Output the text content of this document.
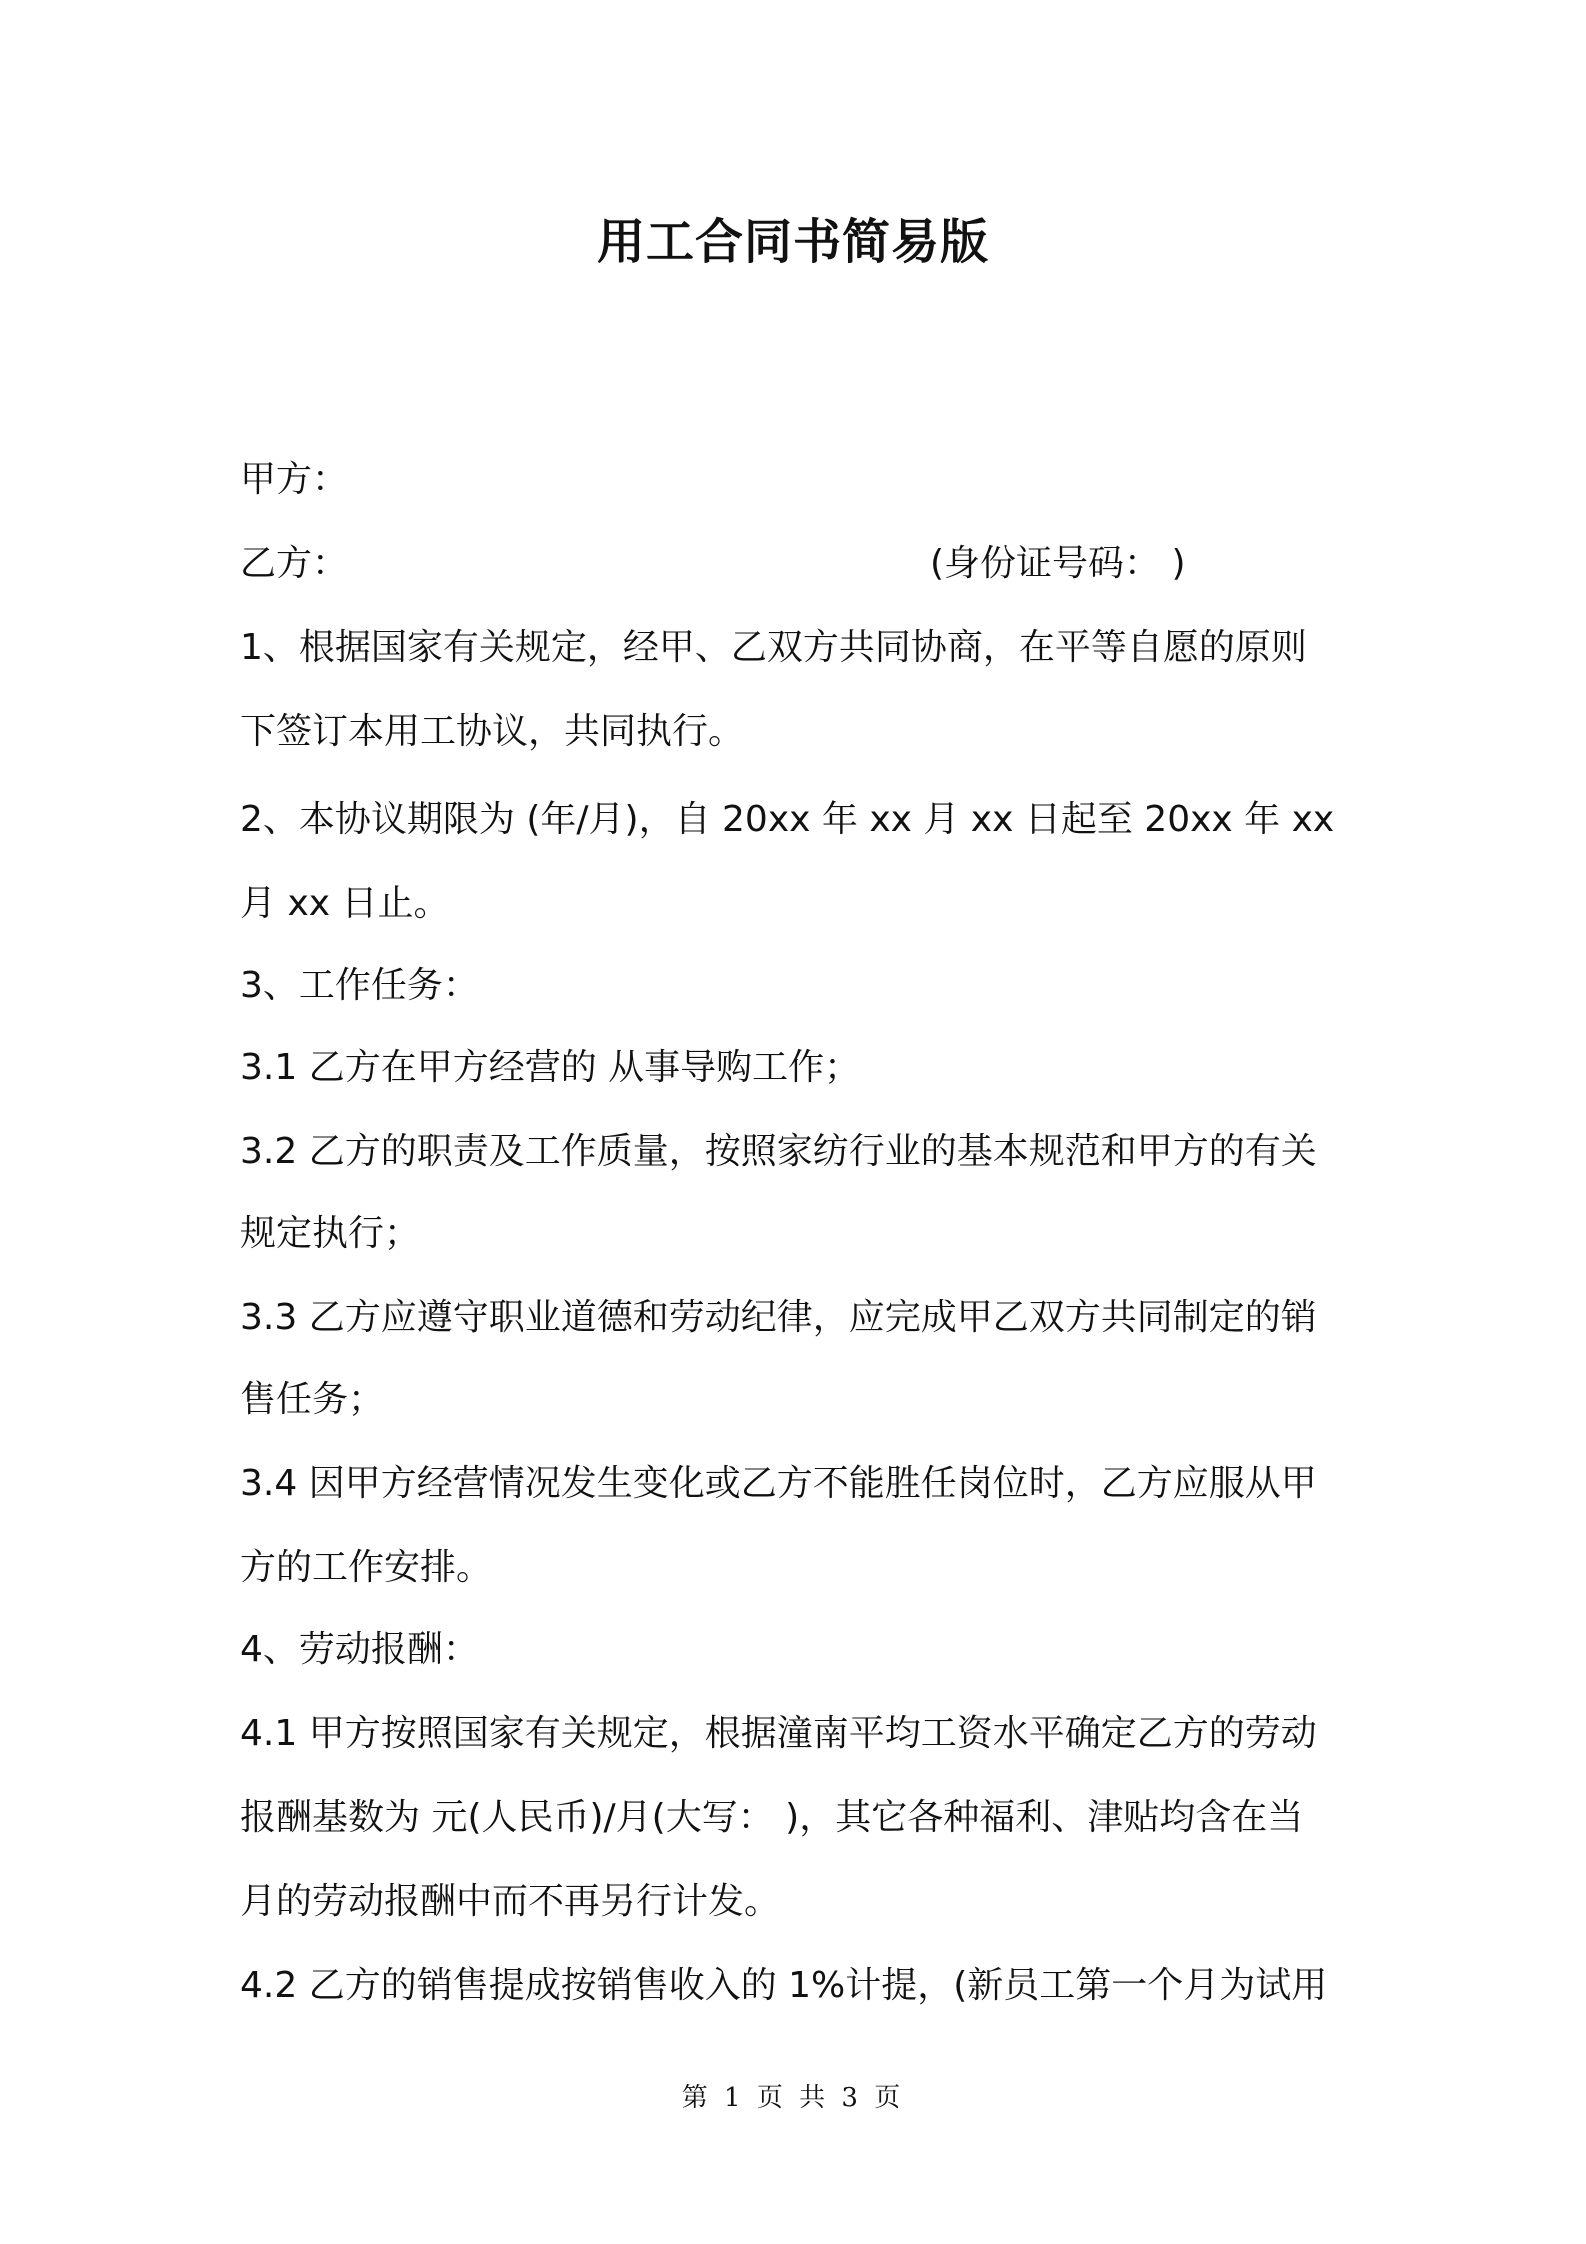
用工合同书简易版

甲方：

乙方：	(身份证号码： )

1、根据国家有关规定，经甲、乙双方共同协商，在平等自愿的原则

下签订本用工协议，共同执行。

2、本协议期限为 (年/月)，自 20xx 年 xx 月 xx 日起至 20xx 年 xx

月 xx 日止。

3、工作任务：

3.1 乙方在甲方经营的 从事导购工作；

3.2 乙方的职责及工作质量，按照家纺行业的基本规范和甲方的有关

规定执行；

3.3 乙方应遵守职业道德和劳动纪律，应完成甲乙双方共同制定的销

售任务；

3.4 因甲方经营情况发生变化或乙方不能胜任岗位时，乙方应服从甲

方的工作安排。

4、劳动报酬：

4.1 甲方按照国家有关规定，根据潼南平均工资水平确定乙方的劳动

报酬基数为 元(人民币)/月(大写： )，其它各种福利、津贴均含在当

月的劳动报酬中而不再另行计发。

4.2 乙方的销售提成按销售收入的 1%计提，(新员工第一个月为试用

第 1 页 共 3 页
